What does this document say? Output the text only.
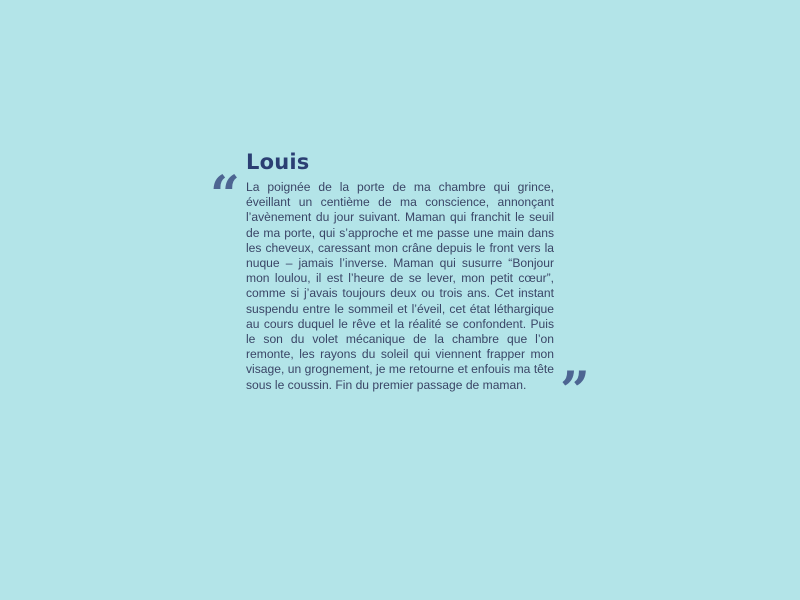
“
Louis

La poignée de la porte de ma chambre qui grince, éveillant un centième de ma conscience, annonçant l’avènement du jour suivant. Maman qui franchit le seuil de ma porte, qui s’approche et me passe une main dans les cheveux, caressant mon crâne depuis le front vers la nuque – jamais l’inverse. Maman qui susurre “Bonjour mon loulou, il est l’heure de se lever, mon petit cœur”, comme si j’avais toujours deux ou trois ans. Cet instant suspendu entre le sommeil et l’éveil, cet état léthargique au cours duquel le rêve et la réalité se confondent. Puis le son du volet mécanique de la chambre que l’on remonte, les rayons du soleil qui viennent frapper mon visage, un grognement, je me retourne et enfouis ma tête sous le coussin. Fin du premier passage de maman. ”
